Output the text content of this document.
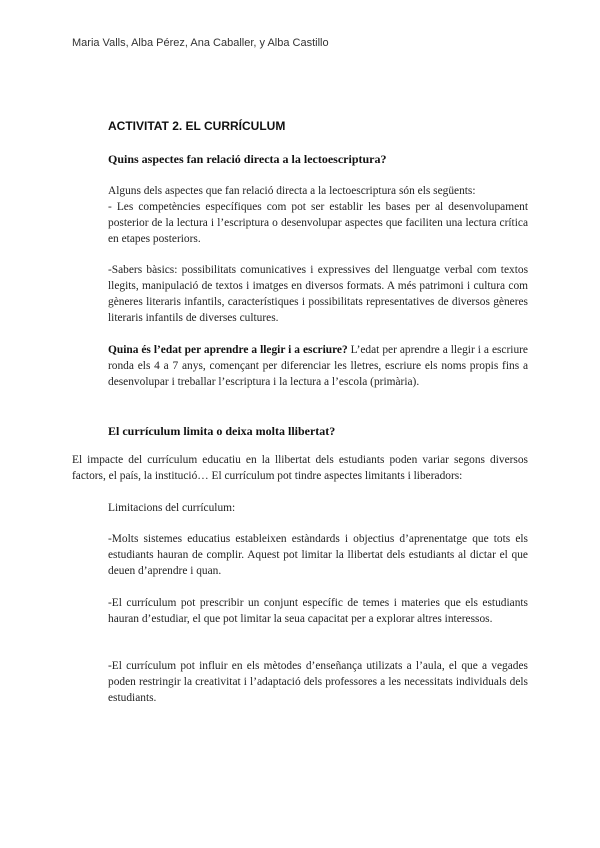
Maria Valls, Alba Pérez, Ana Caballer, y Alba Castillo
ACTIVITAT 2. EL CURRÍCULUM
Quins aspectes fan relació directa a la lectoescriptura?
Alguns dels aspectes que fan relació directa a la lectoescriptura són els següents:
- Les competències específiques com pot ser establir les bases per al desenvolupament posterior de la lectura i l’escriptura o desenvolupar aspectes que faciliten una lectura crítica en etapes posteriors.
-Sabers bàsics: possibilitats comunicatives i expressives del llenguatge verbal com textos llegits, manipulació de textos i imatges en diversos formats. A més patrimoni i cultura com gèneres literaris infantils, característiques i possibilitats representatives de diversos gèneres literaris infantils de diverses cultures.
Quina és l’edat per aprendre a llegir i a escriure? L’edat per aprendre a llegir i a escriure ronda els 4 a 7 anys, començant per diferenciar les lletres, escriure els noms propis fins a desenvolupar i treballar l’escriptura i la lectura a l’escola (primària).
El currículum limita o deixa molta llibertat?
El impacte del currículum educatiu en la llibertat dels estudiants poden variar segons diversos factors, el país, la institució… El currículum pot tindre aspectes limitants i liberadors:
Limitacions del currículum:
-Molts sistemes educatius estableixen estàndards i objectius d’aprenentatge que tots els estudiants hauran de complir. Aquest pot limitar la llibertat dels estudiants al dictar el que deuen d’aprendre i quan.
-El currículum pot prescribir un conjunt específic de temes i materies que els estudiants hauran d’estudiar, el que pot limitar la seua capacitat per a explorar altres interessos.
-El currículum pot influir en els mètodes d’enseñança utilizats a l’aula, el que a vegades poden restringir la creativitat i l’adaptació dels professores a les necessitats individuals dels estudiants.
